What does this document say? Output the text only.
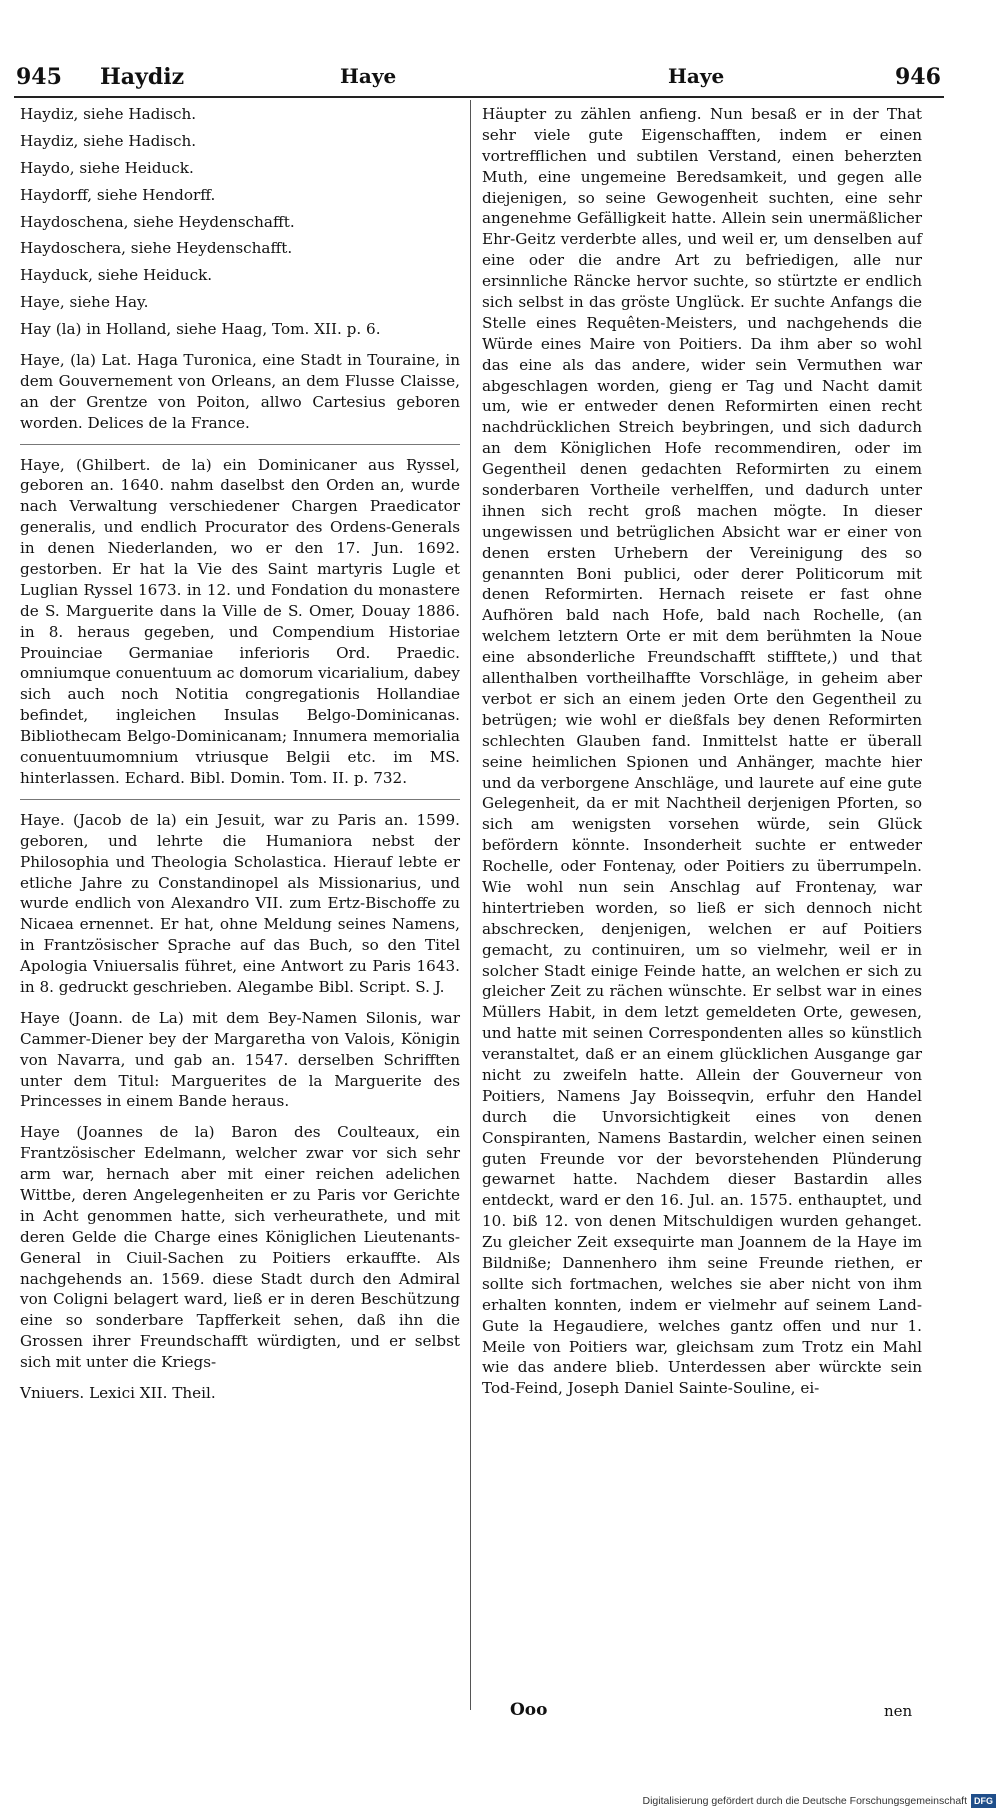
945 Haydiz	Haye	Haye	946
Haydiz, siehe Hadisch.
Haydiz, siehe Hadisch.
Haydo, siehe Heiduck.
Haydorff, siehe Hendorff.
Haydoschena, siehe Heydenschafft.
Haydoschera, siehe Heydenschafft.
Hayduck, siehe Heiduck.
Haye, siehe Hay.
Hay (la) in Holland, siehe Haag, Tom. XII. p. 6.
Haye, (la) Lat. Haga Turonica, eine Stadt in Touraine, in dem Gouvernement von Orleans, an dem Flusse Claisse, an der Grentze von Poiton, allwo Cartesius geboren worden. Delices de la France.
Haye, (Ghilbert. de la) ein Dominicaner aus Ryssel, geboren an. 1640. nahm daselbst den Orden an, wurde nach Verwaltung verschiedener Chargen Praedicator generalis, und endlich Procurator des Ordens-Generals in denen Niederlanden, wo er den 17. Jun. 1692. gestorben. Er hat la Vie des Saint martyris Lugle et Luglian Ryssel 1673. in 12. und Fondation du monastere de S. Marguerite dans la Ville de S. Omer, Douay 1886. in 8. heraus gegeben, und Compendium Historiae Prouinciae Germaniae inferioris Ord. Praedic. omniumque conuentuum ac domorum vicarialium, dabey sich auch noch Notitia congregationis Hollandiae befindet, ingleichen Insulas Belgo-Dominicanas. Bibliothecam Belgo-Dominicanam; Innumera memorialia conuentuumomnium vtriusque Belgii etc. im MS. hinterlassen. Echard. Bibl. Domin. Tom. II. p. 732.
Haye. (Jacob de la) ein Jesuit, war zu Paris an. 1599. geboren, und lehrte die Humaniora nebst der Philosophia und Theologia Scholastica. Hierauf lebte er etliche Jahre zu Constandinopel als Missionarius, und wurde endlich von Alexandro VII. zum Ertz-Bischoffe zu Nicaea ernennet. Er hat, ohne Meldung seines Namens, in Frantzösischer Sprache auf das Buch, so den Titel Apologia Vniuersalis führet, eine Antwort zu Paris 1643. in 8. gedruckt geschrieben. Alegambe Bibl. Script. S. J.
Haye (Joann. de La) mit dem Bey-Namen Silonis, war Cammer-Diener bey der Margaretha von Valois, Königin von Navarra, und gab an. 1547. derselben Schrifften unter dem Titul: Marguerites de la Marguerite des Princesses in einem Bande heraus.
Haye (Joannes de la) Baron des Coulteaux, ein Frantzösischer Edelmann, welcher zwar vor sich sehr arm war, hernach aber mit einer reichen adelichen Wittbe, deren Angelegenheiten er zu Paris vor Gerichte in Acht genommen hatte, sich verheurathete, und mit deren Gelde die Charge eines Königlichen Lieutenants-General in Ciuil-Sachen zu Poitiers erkauffte. Als nachgehends an. 1569. diese Stadt durch den Admiral von Coligni belagert ward, ließ er in deren Beschützung eine so sonderbare Tapfferkeit sehen, daß ihn die Grossen ihrer Freundschafft würdigten, und er selbst sich mit unter die Kriegs-
Vniuers. Lexici XII. Theil.
Häupter zu zählen anfieng. Nun besaß er in der That sehr viele gute Eigenschafften, indem er einen vortrefflichen und subtilen Verstand, einen beherzten Muth, eine ungemeine Beredsamkeit, und gegen alle diejenigen, so seine Gewogenheit suchten, eine sehr angenehme Gefälligkeit hatte. Allein sein unermäßlicher Ehr-Geitz verderbte alles, und weil er, um denselben auf eine oder die andre Art zu befriedigen, alle nur ersinnliche Räncke hervor suchte, so stürtzte er endlich sich selbst in das gröste Unglück. Er suchte Anfangs die Stelle eines Requêten-Meisters, und nachgehends die Würde eines Maire von Poitiers. Da ihm aber so wohl das eine als das andere, wider sein Vermuthen war abgeschlagen worden, gieng er Tag und Nacht damit um, wie er entweder denen Reformirten einen recht nachdrücklichen Streich beybringen, und sich dadurch an dem Königlichen Hofe recommendiren, oder im Gegentheil denen gedachten Reformirten zu einem sonderbaren Vortheile verhelffen, und dadurch unter ihnen sich recht groß machen mögte. In dieser ungewissen und betrüglichen Absicht war er einer von denen ersten Urhebern der Vereinigung des so genannten Boni publici, oder derer Politicorum mit denen Reformirten. Hernach reisete er fast ohne Aufhören bald nach Hofe, bald nach Rochelle, (an welchem letztern Orte er mit dem berühmten la Noue eine absonderliche Freundschafft stifftete,) und that allenthalben vortheilhaffte Vorschläge, in geheim aber verbot er sich an einem jeden Orte den Gegentheil zu betrügen; wie wohl er dießfals bey denen Reformirten schlechten Glauben fand. Inmittelst hatte er überall seine heimlichen Spionen und Anhänger, machte hier und da verborgene Anschläge, und laurete auf eine gute Gelegenheit, da er mit Nachtheil derjenigen Pforten, so sich am wenigsten vorsehen würde, sein Glück befördern könnte. Insonderheit suchte er entweder Rochelle, oder Fontenay, oder Poitiers zu überrumpeln. Wie wohl nun sein Anschlag auf Frontenay, war hintertrieben worden, so ließ er sich dennoch nicht abschrecken, denjenigen, welchen er auf Poitiers gemacht, zu continuiren, um so vielmehr, weil er in solcher Stadt einige Feinde hatte, an welchen er sich zu gleicher Zeit zu rächen wünschte. Er selbst war in eines Müllers Habit, in dem letzt gemeldeten Orte, gewesen, und hatte mit seinen Correspondenten alles so künstlich veranstaltet, daß er an einem glücklichen Ausgange gar nicht zu zweifeln hatte. Allein der Gouverneur von Poitiers, Namens Jay Boisseqvin, erfuhr den Handel durch die Unvorsichtigkeit eines von denen Conspiranten, Namens Bastardin, welcher einen seinen guten Freunde vor der bevorstehenden Plünderung gewarnet hatte. Nachdem dieser Bastardin alles entdeckt, ward er den 16. Jul. an. 1575. enthauptet, und 10. biß 12. von denen Mitschuldigen wurden gehanget. Zu gleicher Zeit exsequirte man Joannem de la Haye im Bildniße; Dannenhero ihm seine Freunde riethen, er sollte sich fortmachen, welches sie aber nicht von ihm erhalten konnten, indem er vielmehr auf seinem Land-Gute la Hegaudiere, welches gantz offen und nur 1. Meile von Poitiers war, gleichsam zum Trotz ein Mahl wie das andere blieb. Unterdessen aber würckte sein Tod-Feind, Joseph Daniel Sainte-Souline, ei-
Ooo	nen
Digitalisierung gefördert durch die Deutsche Forschungsgemeinschaft DFG
